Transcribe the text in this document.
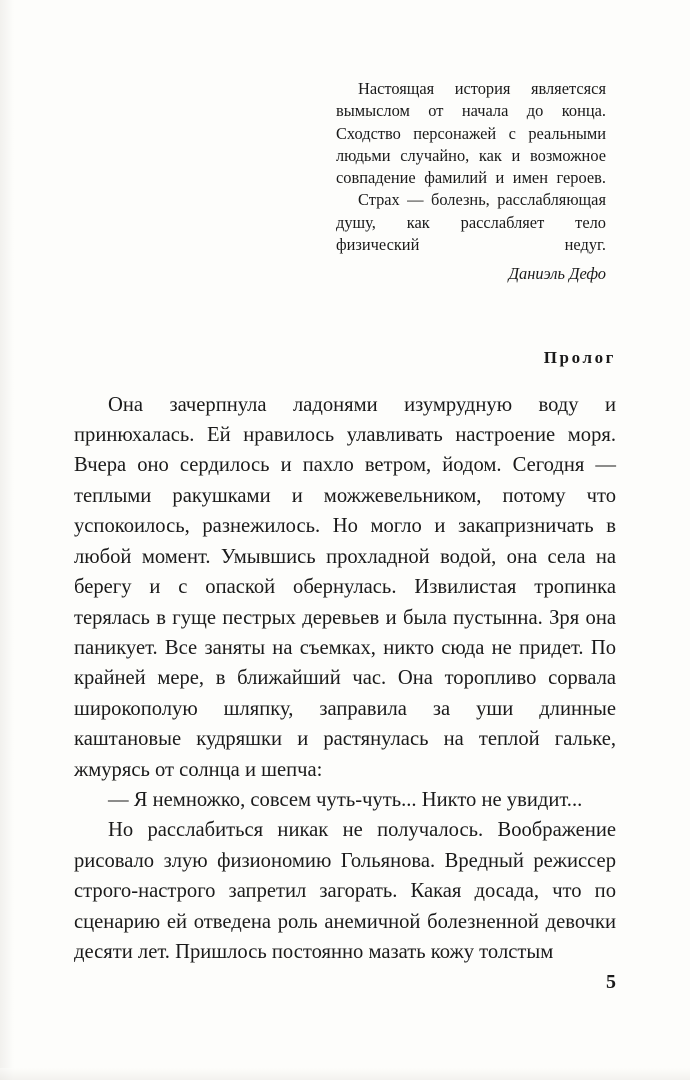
Настоящая история являетсяся вымыслом от начала до конца. Сходство персонажей с реальными людьми случайно, как и возможное совпадение фамилий и имен героев.

Страх — болезнь, расслабляющая душу, как расслабляет тело физический недуг.

Даниэль Дефо

Пролог

Она зачерпнула ладонями изумрудную воду и принюхалась. Ей нравилось улавливать настроение моря. Вчера оно сердилось и пахло ветром, йодом. Сегодня — теплыми ракушками и можжевельником, потому что успокоилось, разнежилось. Но могло и закапризничать в любой момент. Умывшись прохладной водой, она села на берегу и с опаской обернулась. Извилистая тропинка терялась в гуще пестрых деревьев и была пустынна. Зря она паникует. Все заняты на съемках, никто сюда не придет. По крайней мере, в ближайший час. Она торопливо сорвала широкополую шляпку, заправила за уши длинные каштановые кудряшки и растянулась на теплой гальке, жмурясь от солнца и шепча:

— Я немножко, совсем чуть-чуть... Никто не увидит...

Но расслабиться никак не получалось. Воображение рисовало злую физиономию Гольянова. Вредный режиссер строго-настрого запретил загорать. Какая досада, что по сценарию ей отведена роль анемичной болезненной девочки десяти лет. Пришлось постоянно мазать кожу толстым

5
